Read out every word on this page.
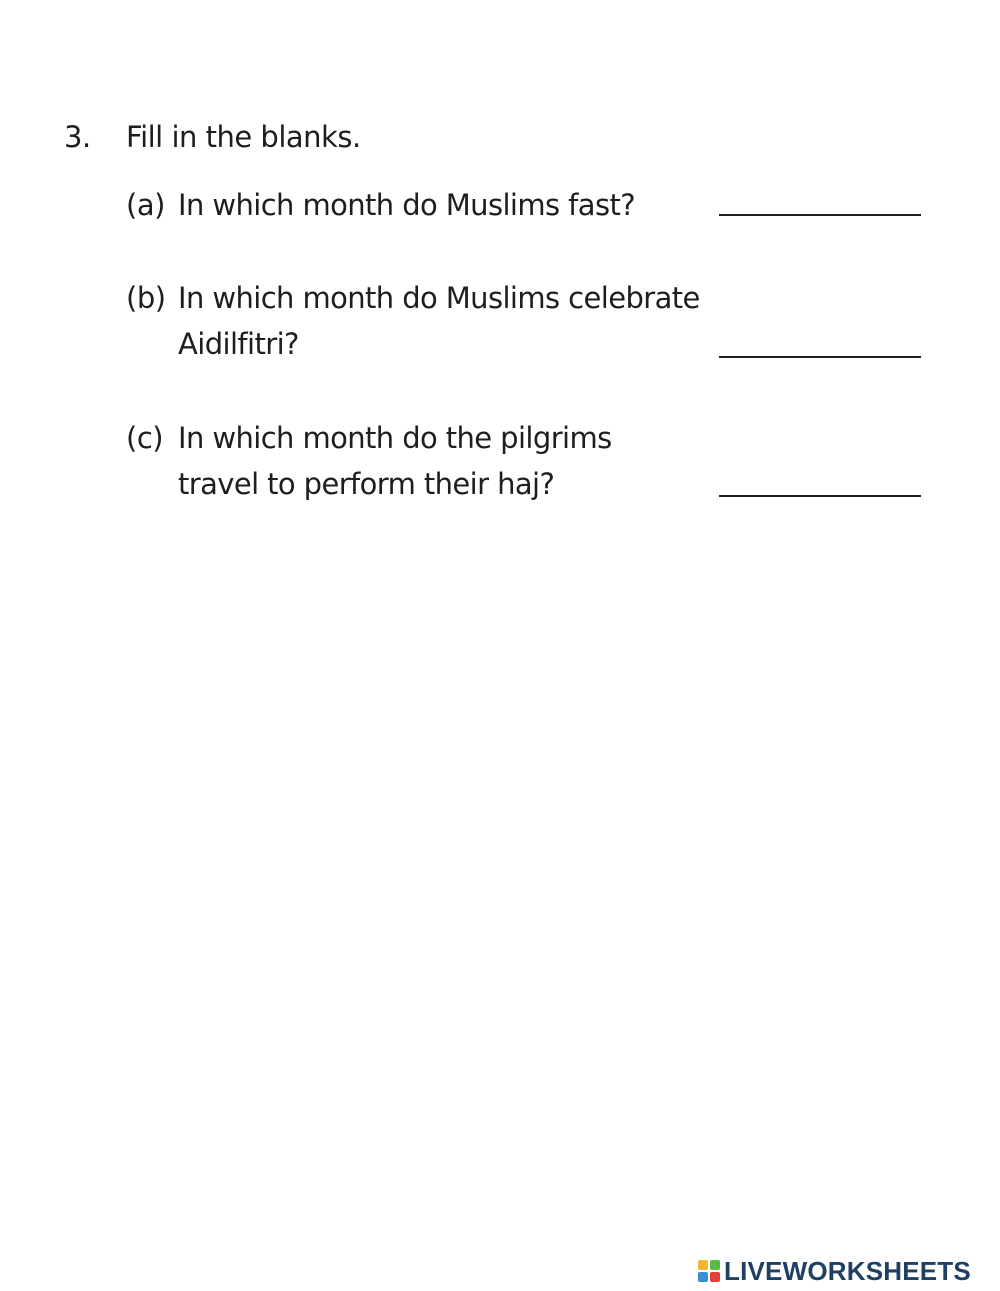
3. Fill in the blanks.
(a) In which month do Muslims fast?
(b) In which month do Muslims celebrate
Aidilfitri?
(c) In which month do the pilgrims
travel to perform their haj?
LIVEWORKSHEETS
